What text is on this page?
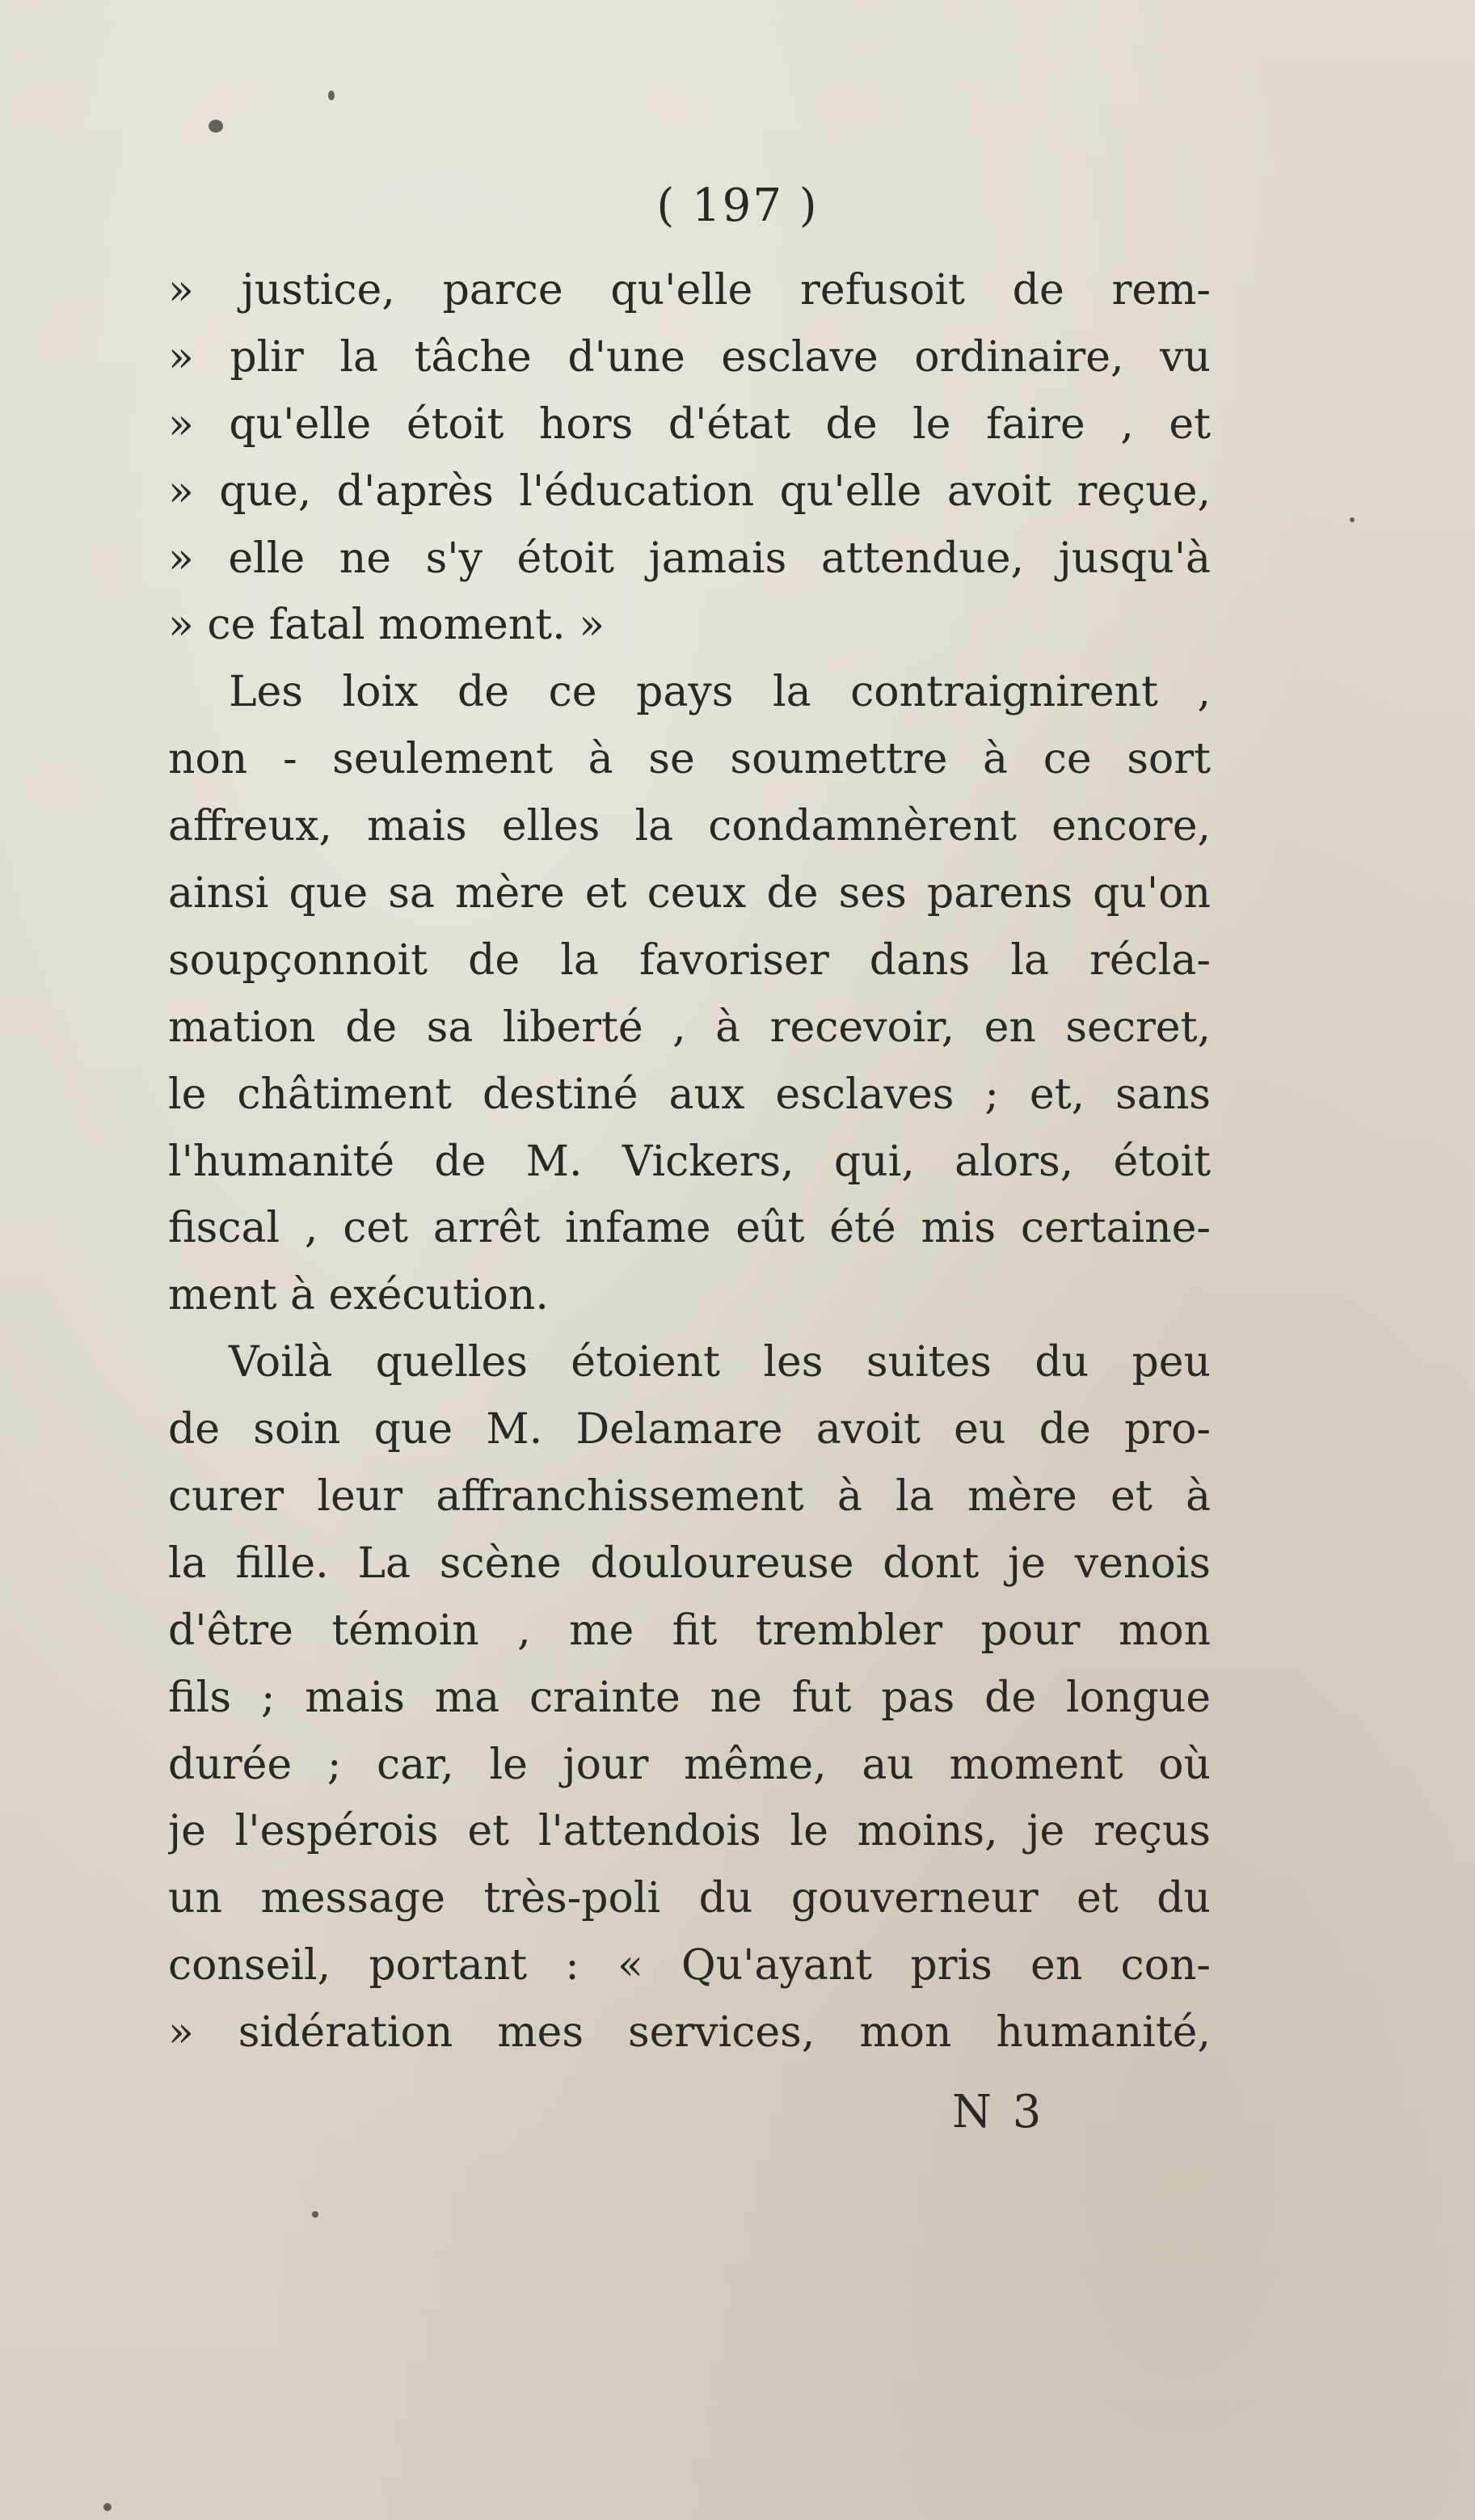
( 197 )
» justice, parce qu'elle refusoit de rem-
» plir la tâche d'une esclave ordinaire, vu
» qu'elle étoit hors d'état de le faire , et
» que, d'après l'éducation qu'elle avoit reçue,
» elle ne s'y étoit jamais attendue, jusqu'à
» ce fatal moment. »
Les loix de ce pays la contraignirent ,
non - seulement à se soumettre à ce sort
affreux, mais elles la condamnèrent encore,
ainsi que sa mère et ceux de ses parens qu'on
soupçonnoit de la favoriser dans la récla-
mation de sa liberté , à recevoir, en secret,
le châtiment destiné aux esclaves ; et, sans
l'humanité de M. Vickers, qui, alors, étoit
fiscal , cet arrêt infame eût été mis certaine-
ment à exécution.
Voilà quelles étoient les suites du peu
de soin que M. Delamare avoit eu de pro-
curer leur affranchissement à la mère et à
la fille. La scène douloureuse dont je venois
d'être témoin , me fit trembler pour mon
fils ; mais ma crainte ne fut pas de longue
durée ; car, le jour même, au moment où
je l'espérois et l'attendois le moins, je reçus
un message très-poli du gouverneur et du
conseil, portant : « Qu'ayant pris en con-
» sidération mes services, mon humanité,
N 3
